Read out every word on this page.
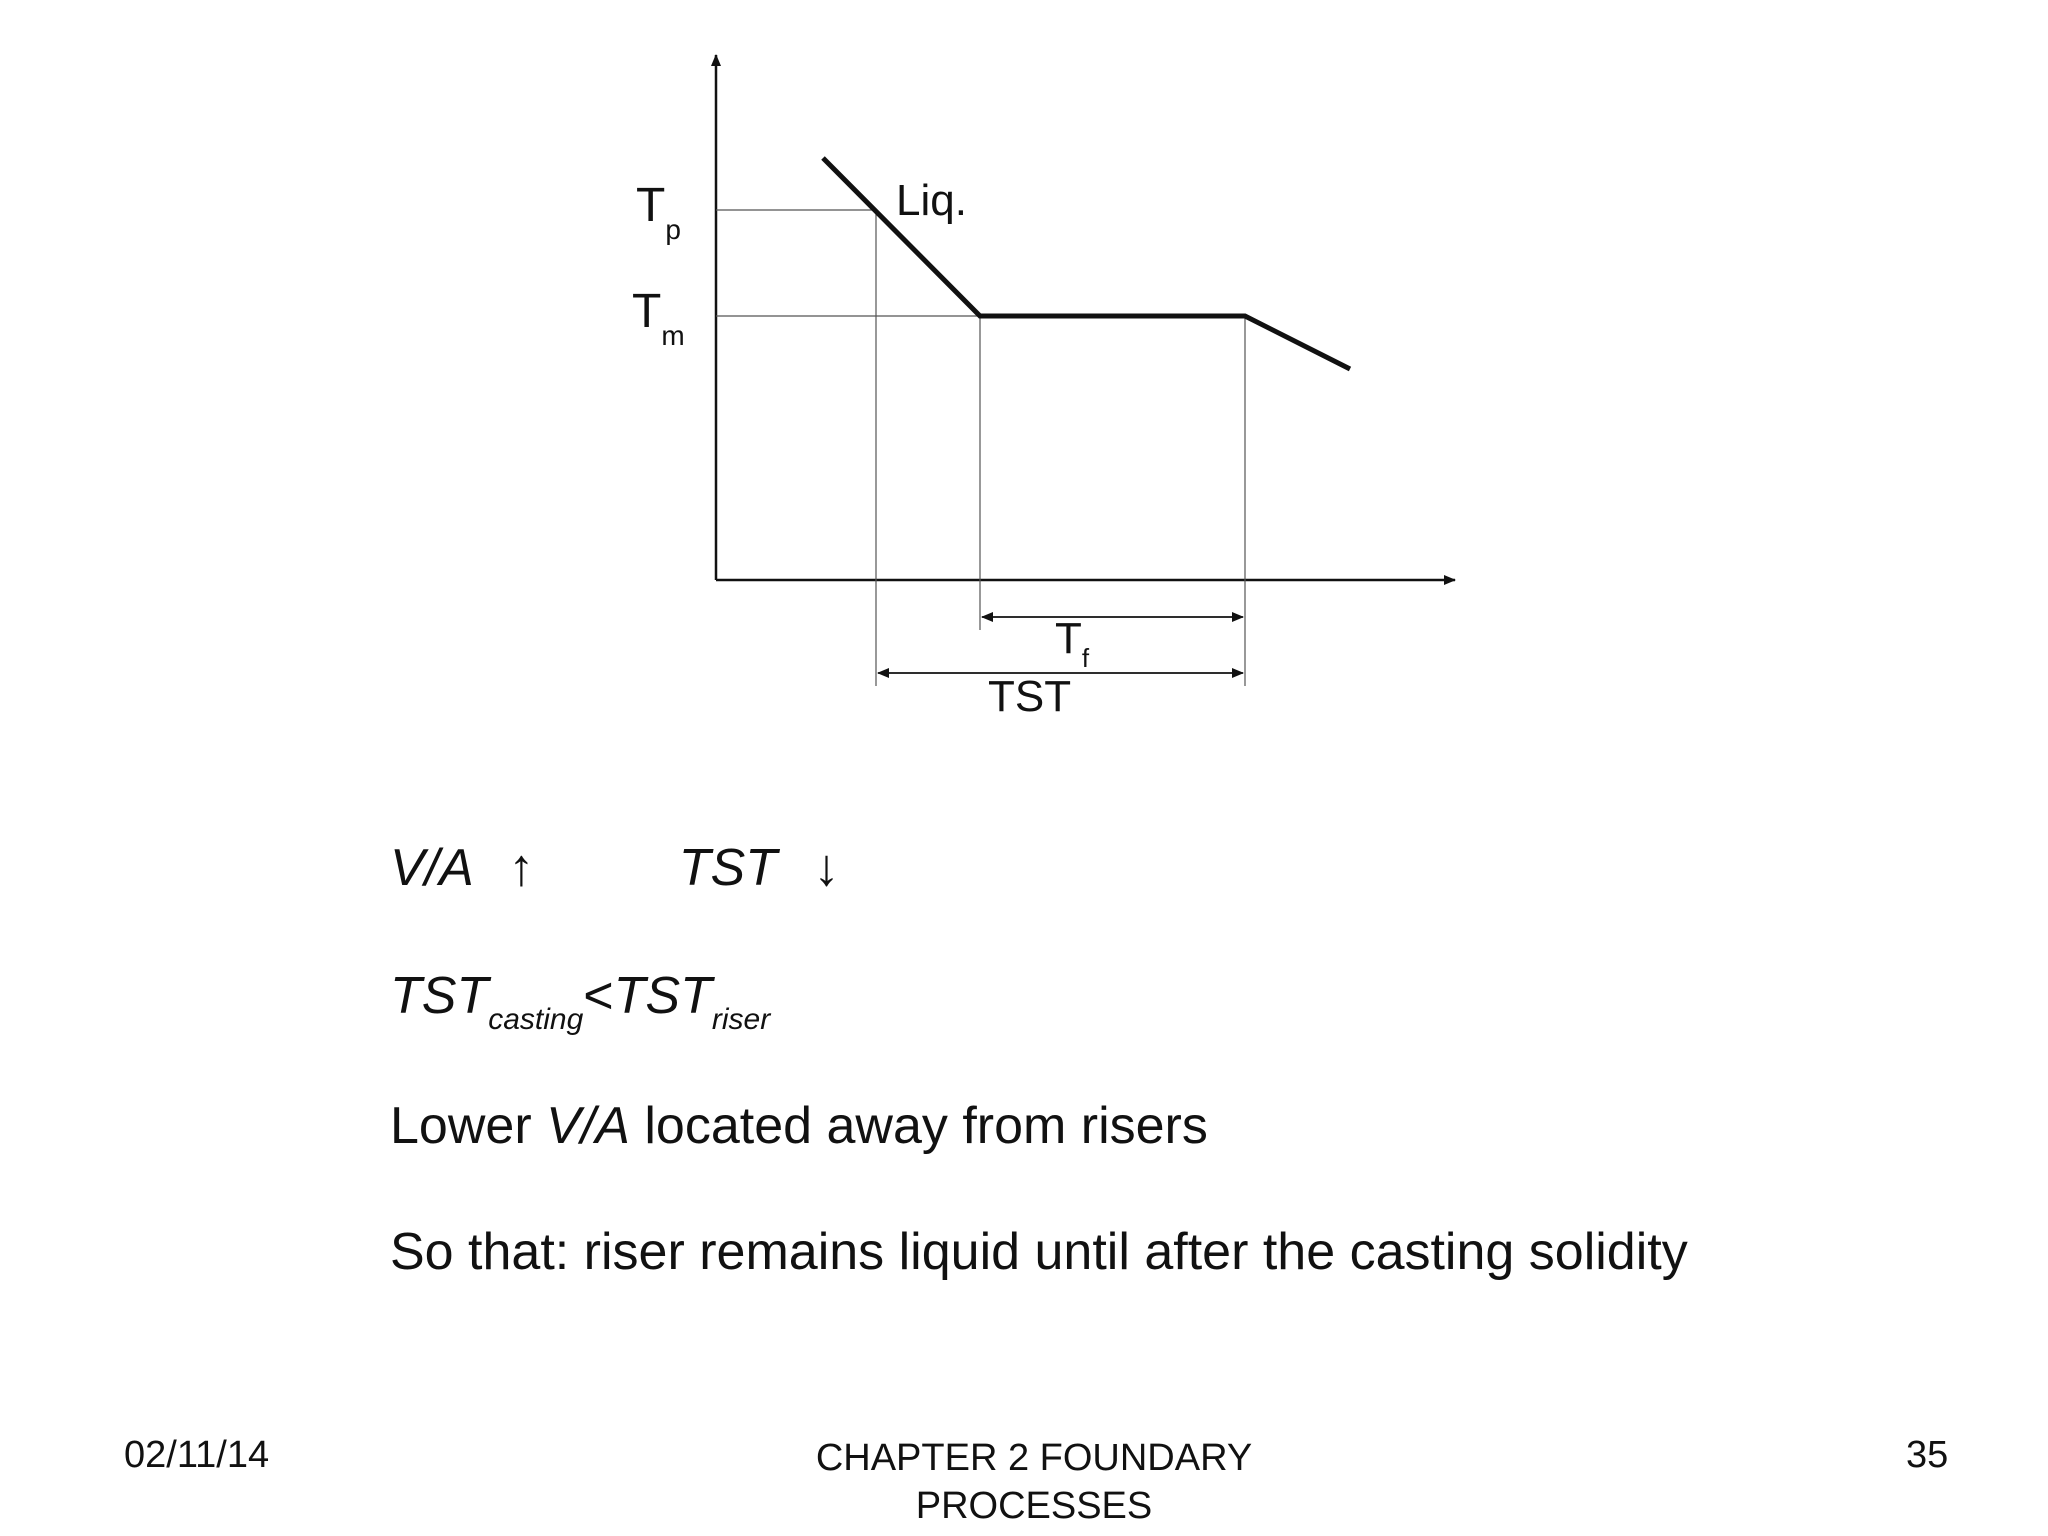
$T_p$
$T_m$
Liq.
$T_f$
TST
V/A ↑	TST ↓
$TST_{casting}<TST_{riser}$
Lower V/A located away from risers
So that: riser remains liquid until after the casting solidity
02/11/14	CHAPTER 2 FOUNDARY
PROCESSES
35
